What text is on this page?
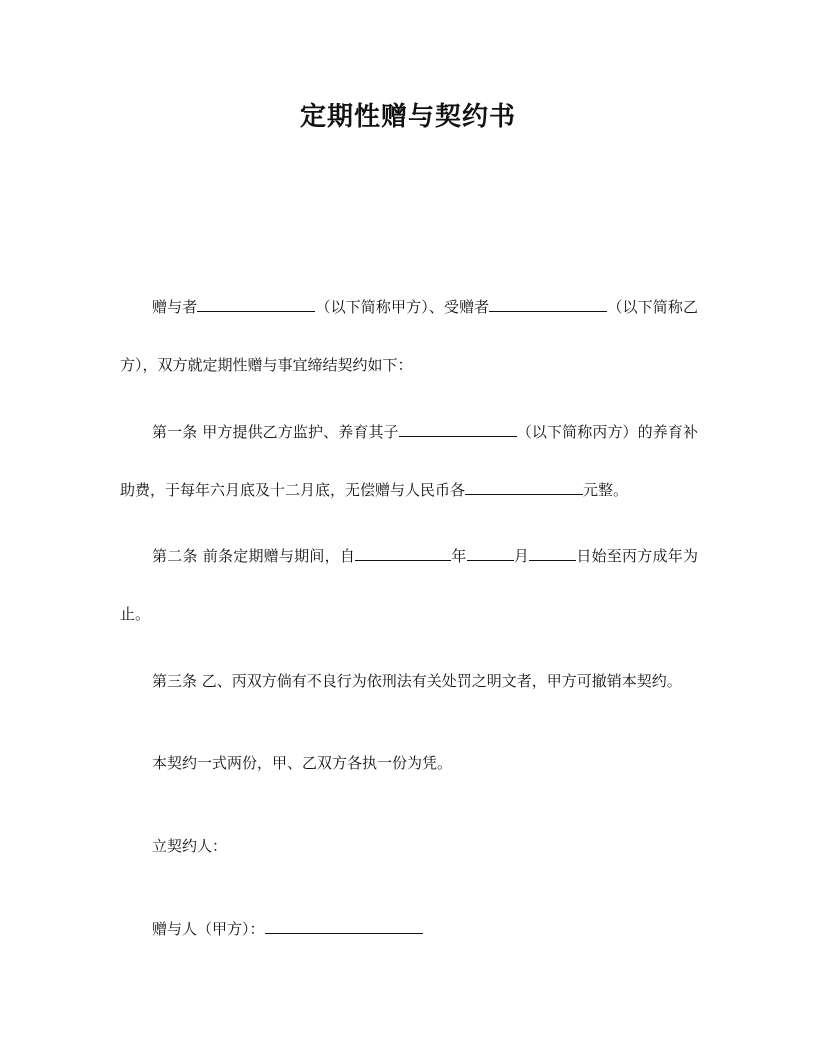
定期性赠与契约书
赠与者	（以下简称甲方）、受赠者	（以下简称乙方），双方就定期性赠与事宜缔结契约如下：
第一条 甲方提供乙方监护、养育其子	（以下简称丙方）的养育补助费，于每年六月底及十二月底，无偿赠与人民币各	元整。
第二条 前条定期赠与期间，自	年	月	日始至丙方成年为止。
第三条 乙、丙双方倘有不良行为依刑法有关处罚之明文者，甲方可撤销本契约。
本契约一式两份，甲、乙双方各执一份为凭。
立契约人：
赠与人（甲方）：
